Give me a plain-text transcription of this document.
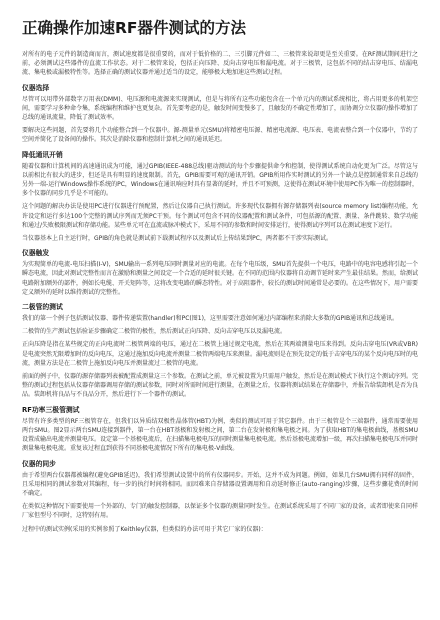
正确操作加速RF器件测试的方法

对所有的电子元件的制造商而言，测试速度都是很重要的，而对于低价格的二、三引脚元件如二、三极管来说却更是至关重要。在RF测试期间进行之前，必须测试这些器件的直流工作状态。对于二极管来说，包括正向压降、反向击穿电压和漏电流。对于三极管，这包括不同的结击穿电压、结漏电流、集电极或漏极特性等。选择正确的测试仪器并通过适当的设定，能够极大地加速这些测试过程。

仪器选择

尽管可以用带外部数字万用表(DMM)、电压源和电流源来实现测试，但是与将所有这些功能包含在一个单元内的测试系统相比，将占用更多的机架空间，需要学习多种命令集，系统编程和维护也更复杂。首先要考虑的是，触发时间变慢多了，且触发的不确定性增加了，而协调分立仪器的操作增加了总线的通讯流量，降低了测试效率。

要解决这些问题，首先要将几个功能整合到一个仪器中。源-测量单元(SMU)将精密电压源、精密电流源、电压表、电流表整合到一个仪器中，节约了空间并简化了设备间的操作。其次是消除仪器和控制计算机之间的通讯延迟。

降低通讯开销

随着仪器和计算机间的高速通讯成为可能，通过GPIB(IEEE-488总线)驱动测试的每个步骤提供命令和控制，使得测试系统自动化更为广泛。尽管这与以前相比有很大的进步，但还是具有明显的速度限制。首先，GPIB需要可观的通讯开销。GPIB所用作实时测试的另外一个缺点是控制通常来自总线的另外一端-运行Windows操作系统的PC，Windows在通讯响应时具有显著的延时，并且不可预测，这使得在测试环境中使用PC作为唯一的控制器时，多个仪器的同步几乎是不可能的。

这个问题的解决办法是使用PC进行仪器进行预配置，然后让仪器自己执行测试。许多现代仪器拥有源存储器列表(source memory list)编程功能，允许设定和运行多达100个完整的测试序列而无须PC干预。每个测试可包含不同的仪器配置和测试条件，可包括源的配置、测量、条件跳转、数学功能和通过/失败极限测试和存储功能。某些单元可在直流或脉冲模式下，采用不同的参数和时间安排运行，使得测试序列可以在测试速度下运行。

当仪器基本上自主运行时，GPIB的角色就是测试前下载测试程序以及测试后上传结果到PC，两者都不干涉实际测试。

仪器触发

为实现简单的电流-电压扫描(I-V)，SMU输出一系列电压同时测量对应的电流。在每个电压级，SMU首先提供一个电压，电路中的电容电感将引起一个瞬态电流，因此对测试完整性而言在激励和测量之间设定一个合适的延时很关键。在不同的范围内仪器将自动调节延时来产生最佳结果。然而，给测试电路附加额外的部件，例如长电缆、开关矩阵等，这将改变电路的瞬态特性。对于高阻器件，较长的测试时间通常是必要的。在这些情况下，用户需要定义额外的延时以维持测试的完整性。

二极管的测试

我们的第一个例子包括测试仪器、器件传递装置(handler)和PC(图1)，这里需要注意如何通过内部编程来消除大多数的GPIB通讯和总线通讯。

二极管的生产测试包括验证步骤确定二极管的极性，然后测试正向压降、反向击穿电压以及漏电流。

正向压降是指在某些规定的正向电流时二极管两端的电压，通过在二极管上通过规定电流，然后在其两端测量电压来得到。反向击穿电压(VR或VBR)是电流突然无限增加时的反向电压，这通过施加反向电流并测量二极管两端电压来测量。漏电流则是在预先设定的低于击穿电压的某个反向电压时的电流，测量方法是在二极管上施加反向电压并测量流过二极管的电流。

前面的例子中，仪器的源存储器列表被配置成测量这三个参数。在测试之前，单元被设置为只需用户触发，然后是在测试模式下执行这个测试序列。完整的测试过程包括从仪器存储器调用存储的测试参数，同时对所需时间进行测量，在测量之后，仪器将测试结果在存储器中，并报告给装卸机是否为良品。装卸机将良品与不良品分开，然后进行下一个器件的测试。

RF功率三极管测试

尽管有许多类型的RF三极管存在，但我们以异质结双极性晶体管(HBT)为例，类似的测试可用于其它器件。由于三极管是个三端器件，通常需要使用两台SMU。图2显示两台SMU连接到器件，第一台在HBT基极和发射极之间，第二台在发射极和集电极之间。为了获取HBT的集电极曲线，基极SMU设置成输出电流并测量电压。设定第一个基极电流后，在扫描集电极电压的同时测量集电极电流。然后基极电流增加一级，再次扫描集电极电压并同时测量集电极电流。重复该过程直到获得不同基极电流情况下所有的集电极-V曲线。

仪器的同步

由于希望两台仪器都被编程(避免GPIB延迟)，我们希望测试设置中的所有仪器同步。开始，这并不成为问题。例如，如果几台SMU拥有同样的固件，且采用相同的测试参数对其编程，每一步的执行时间将相同。而因难来自存储器设置调用和自动延时修正(auto-ranging)步骤，这些步骤花费的时间不确定。

在类似这种情况下需要使用一个外部的、专门的触发控制器，以保证多个仪器的测量同时发生。在测试系统采用了不同厂家的设备，或者即使来自同样厂家但型号不同时，这特别有用。

过程中的测试实例(采用的实例参照了Keithley仪器，但类似的办法可用于其它厂家的仪器)：
